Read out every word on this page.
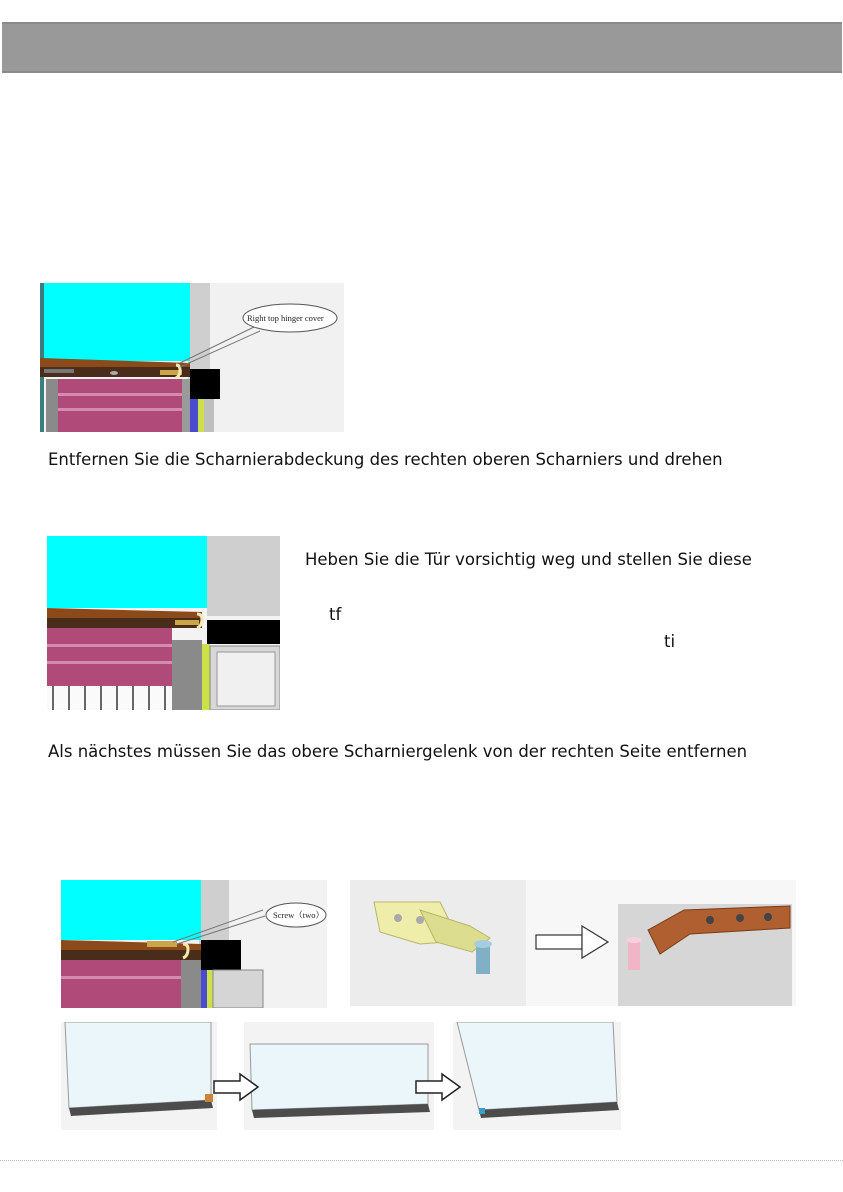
Right top hinger cover
Entfernen Sie die Scharnierabdeckung des rechten oberen Scharniers und drehen
Heben Sie die Tür vorsichtig weg und stellen Sie diese
tf
ti
Als nächstes müssen Sie das obere Scharniergelenk von der rechten Seite entfernen
Screw（two）
